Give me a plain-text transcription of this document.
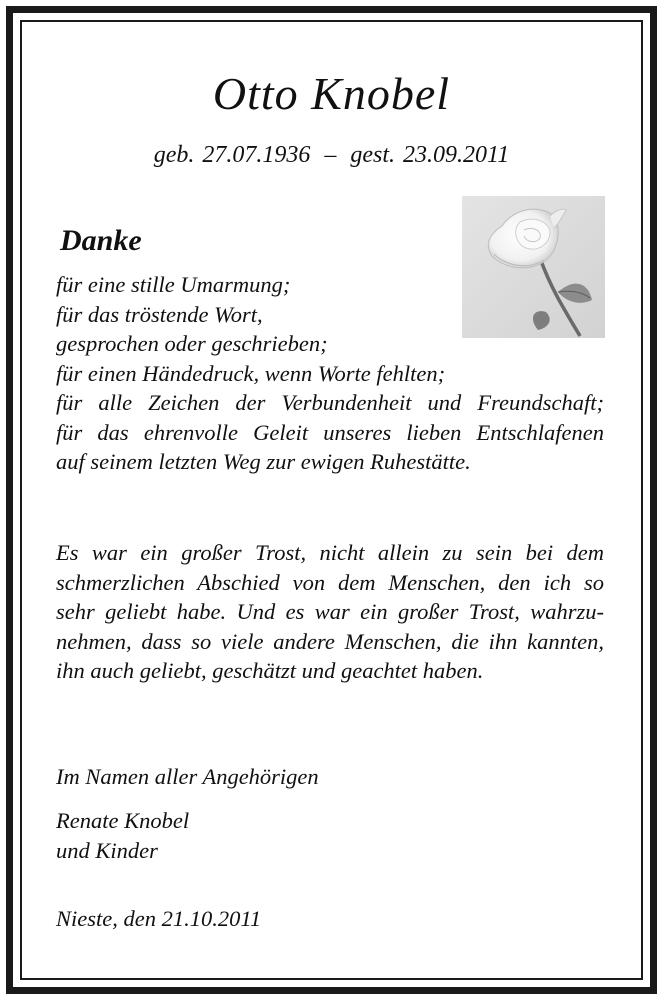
Otto Knobel
geb. 27.07.1936 – gest. 23.09.2011
Danke
für eine stille Umarmung;
für das tröstende Wort,
gesprochen oder geschrieben;
für einen Händedruck, wenn Worte fehlten;
für alle Zeichen der Verbundenheit und Freundschaft;
für das ehrenvolle Geleit unseres lieben Entschlafenen
auf seinem letzten Weg zur ewigen Ruhestätte.
Es war ein großer Trost, nicht allein zu sein bei dem
schmerzlichen Abschied von dem Menschen, den ich so
sehr geliebt habe. Und es war ein großer Trost, wahrzu-
nehmen, dass so viele andere Menschen, die ihn kannten,
ihn auch geliebt, geschätzt und geachtet haben.
Im Namen aller Angehörigen
Renate Knobel
und Kinder
Nieste, den 21.10.2011
